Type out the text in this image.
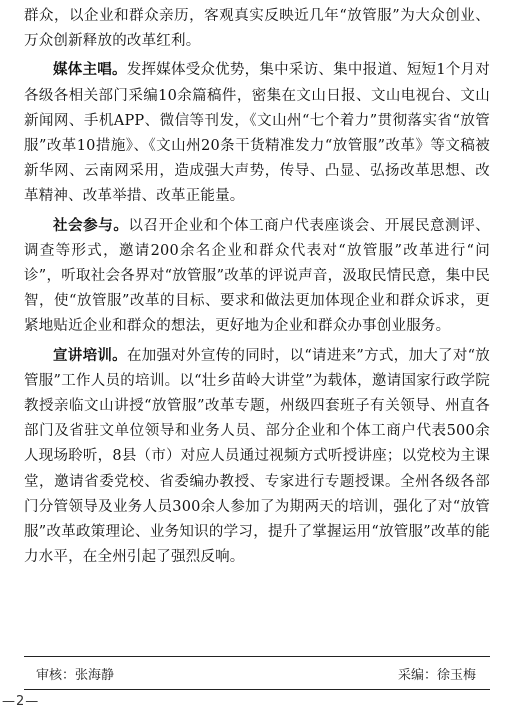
群众，以企业和群众亲历，客观真实反映近几年“放管服”为大众创业、万众创新释放的改革红利。

媒体主唱。发挥媒体受众优势，集中采访、集中报道、短短1个月对各级各相关部门采编10余篇稿件，密集在文山日报、文山电视台、文山新闻网、手机APP、微信等刊发，《文山州“七个着力”贯彻落实省“放管服”改革10措施》、《文山州20条干货精准发力“放管服”改革》等文稿被新华网、云南网采用，造成强大声势，传导、凸显、弘扬改革思想、改革精神、改革举措、改革正能量。

社会参与。以召开企业和个体工商户代表座谈会、开展民意测评、调查等形式，邀请200余名企业和群众代表对“放管服”改革进行“问诊”，听取社会各界对“放管服”改革的评说声音，汲取民情民意，集中民智，使“放管服”改革的目标、要求和做法更加体现企业和群众诉求，更紧地贴近企业和群众的想法，更好地为企业和群众办事创业服务。

宣讲培训。在加强对外宣传的同时，以“请进来”方式，加大了对“放管服”工作人员的培训。以“壮乡苗岭大讲堂”为载体，邀请国家行政学院教授亲临文山讲授“放管服”改革专题，州级四套班子有关领导、州直各部门及省驻文单位领导和业务人员、部分企业和个体工商户代表500余人现场聆听，8县（市）对应人员通过视频方式听授讲座；以党校为主课堂，邀请省委党校、省委编办教授、专家进行专题授课。全州各级各部门分管领导及业务人员300余人参加了为期两天的培训，强化了对“放管服”改革政策理论、业务知识的学习，提升了掌握运用“放管服”改革的能力水平，在全州引起了强烈反响。

审核：张海静	采编：徐玉梅
—2—
